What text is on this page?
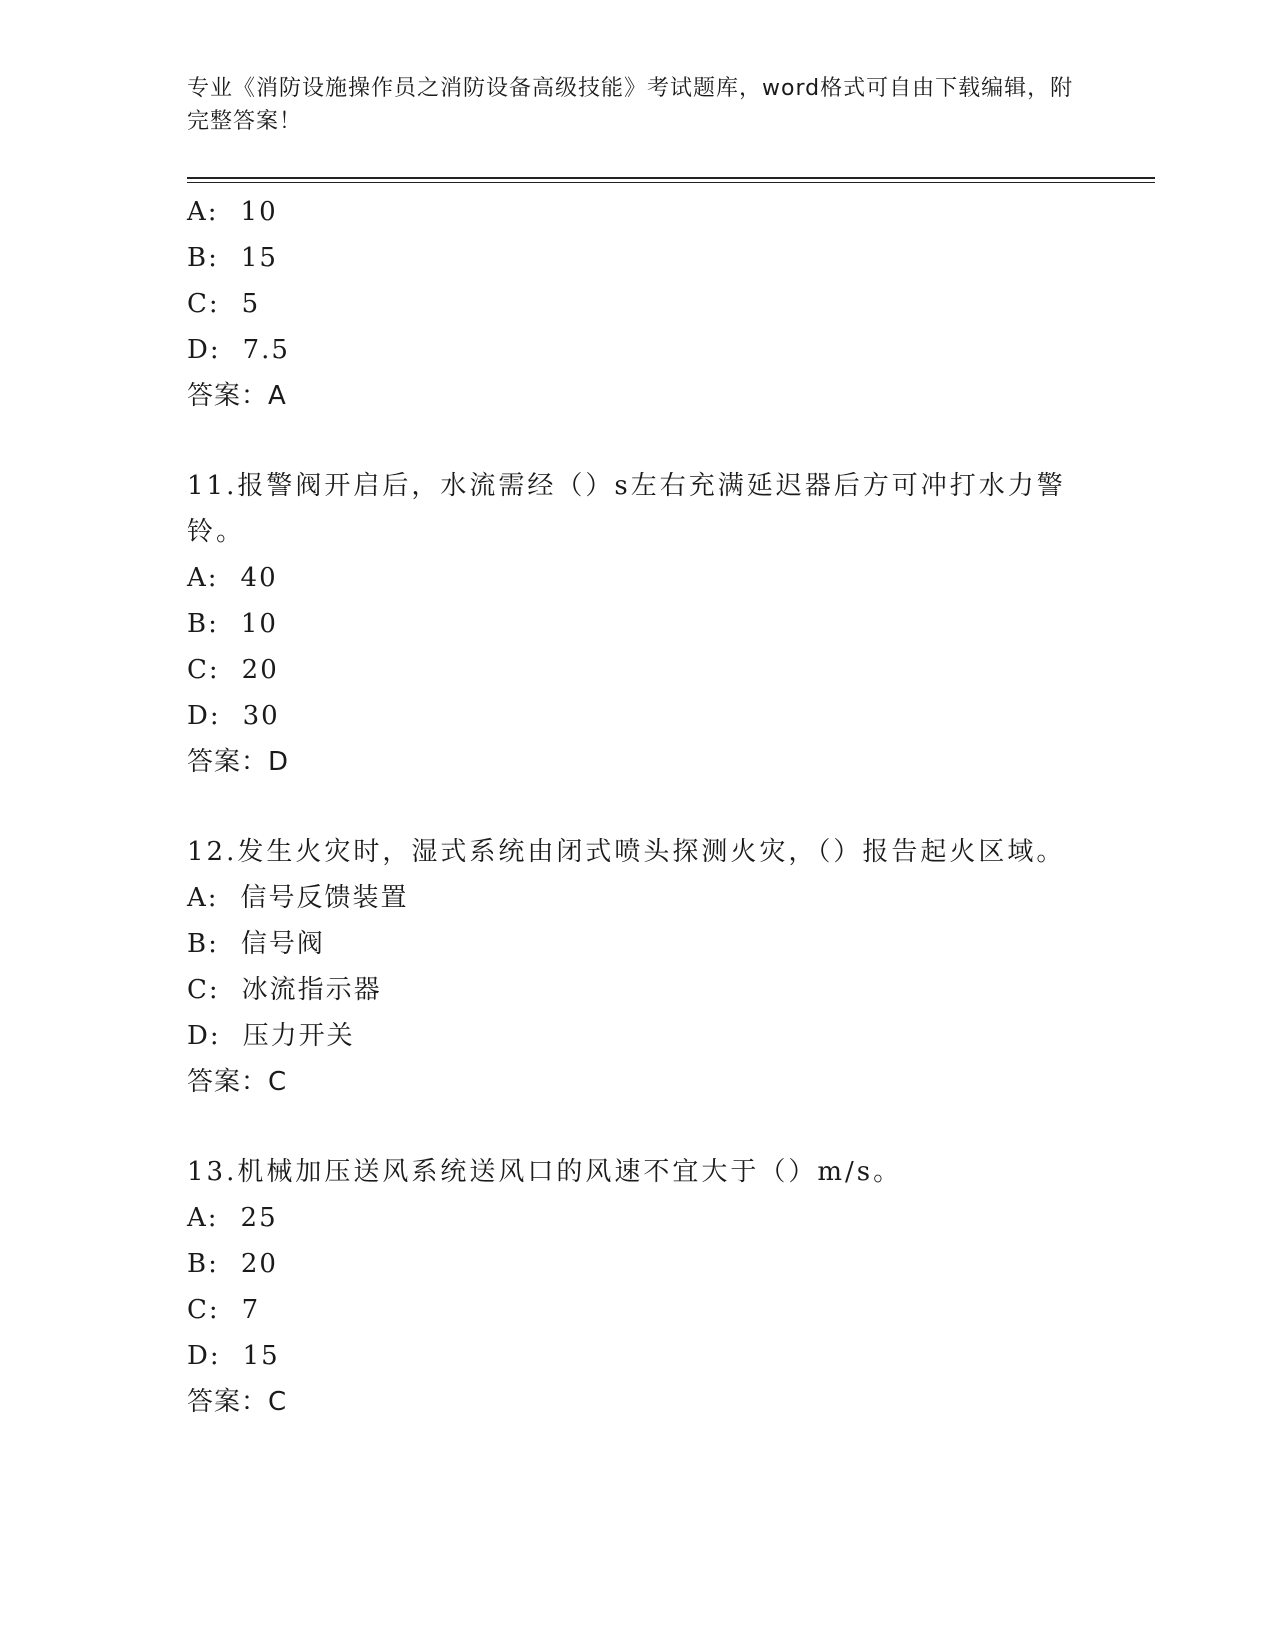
专业《消防设施操作员之消防设备高级技能》考试题库，word格式可自由下载编辑，附完整答案！
A: 10
B: 15
C: 5
D: 7.5
答案：A
11.报警阀开启后，水流需经（）s左右充满延迟器后方可冲打水力警铃。
A: 40
B: 10
C: 20
D: 30
答案：D
12.发生火灾时，湿式系统由闭式喷头探测火灾，（）报告起火区域。
A: 信号反馈装置
B: 信号阀
C: 冰流指示器
D: 压力开关
答案：C
13.机械加压送风系统送风口的风速不宜大于（）m/s。
A: 25
B: 20
C: 7
D: 15
答案：C
